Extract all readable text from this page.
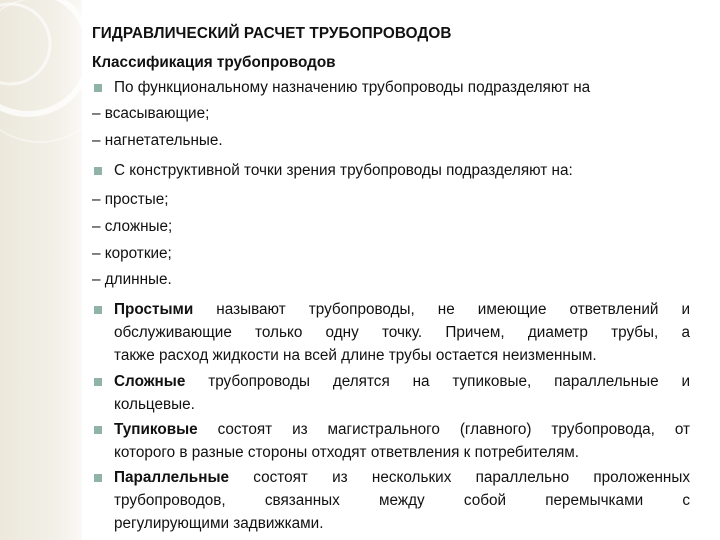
ГИДРАВЛИЧЕСКИЙ РАСЧЕТ ТРУБОПРОВОДОВ
Классификация трубопроводов
По функциональному назначению трубопроводы подразделяют на
– всасывающие;
– нагнетательные.
С конструктивной точки зрения трубопроводы подразделяют на:
– простые;
– сложные;
– короткие;
– длинные.
Простыми называют трубопроводы, не имеющие ответвлений и
обслуживающие только одну точку. Причем, диаметр трубы, а
также расход жидкости на всей длине трубы остается неизменным.
Сложные трубопроводы делятся на тупиковые, параллельные и
кольцевые.
Тупиковые состоят из магистрального (главного) трубопровода, от
которого в разные стороны отходят ответвления к потребителям.
Параллельные состоят из нескольких параллельно проложенных
трубопроводов, связанных между собой перемычками с
регулирующими задвижками.
